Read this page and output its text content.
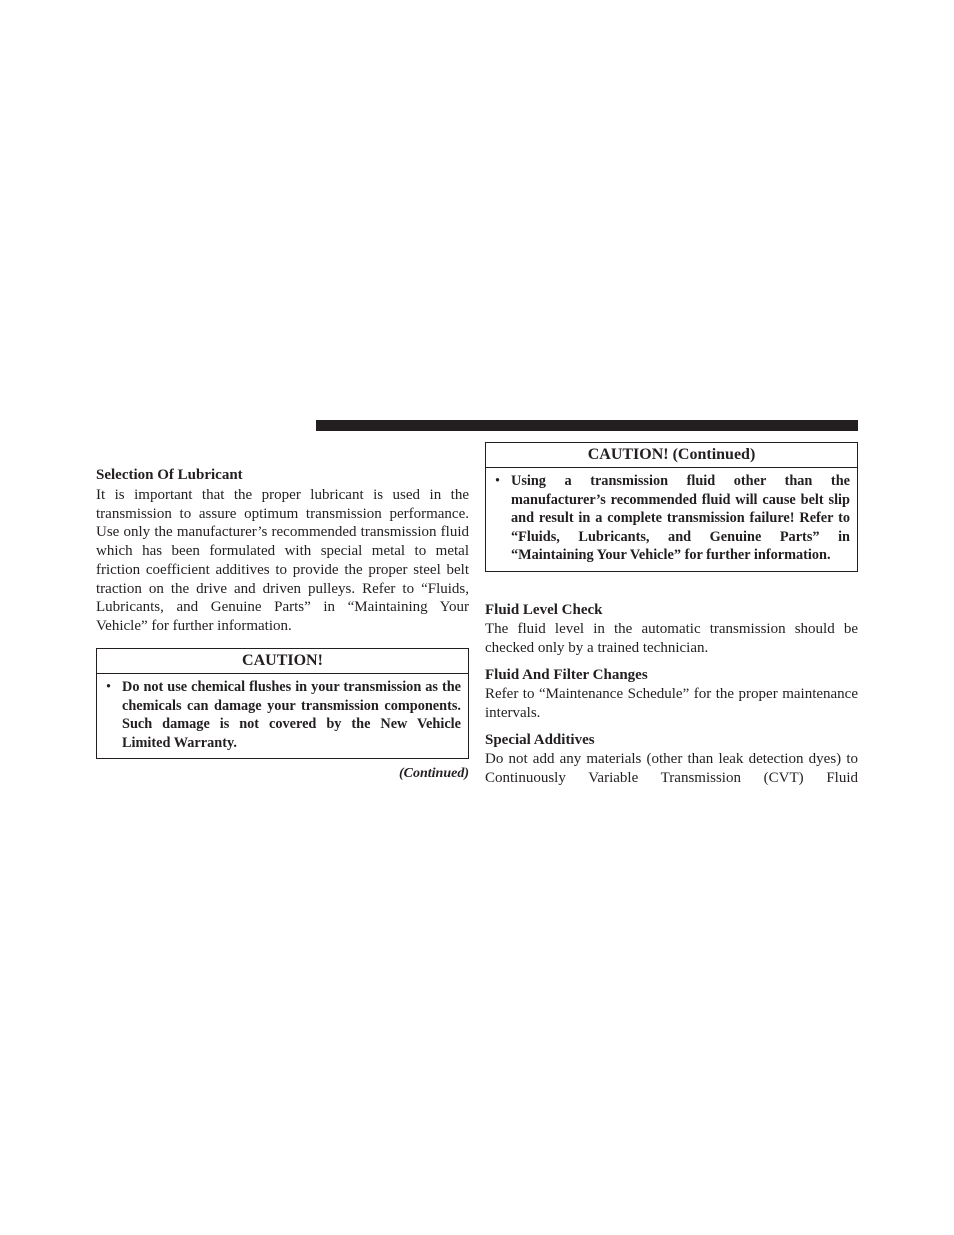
Selection Of Lubricant

It is important that the proper lubricant is used in the transmission to assure optimum transmission performance. Use only the manufacturer’s recommended transmission fluid which has been formulated with special metal to metal friction coefficient additives to provide the proper steel belt traction on the drive and driven pulleys. Refer to “Fluids, Lubricants, and Genuine Parts” in “Maintaining Your Vehicle” for further information.

CAUTION!
• Do not use chemical flushes in your transmission as the chemicals can damage your transmission components. Such damage is not covered by the New Vehicle Limited Warranty.
(Continued)
CAUTION! (Continued)
• Using a transmission fluid other than the manufacturer’s recommended fluid will cause belt slip and result in a complete transmission failure! Refer to “Fluids, Lubricants, and Genuine Parts” in “Maintaining Your Vehicle” for further information.
Fluid Level Check

The fluid level in the automatic transmission should be checked only by a trained technician.

Fluid And Filter Changes

Refer to “Maintenance Schedule” for the proper maintenance intervals.

Special Additives

Do not add any materials (other than leak detection dyes) to Continuously Variable Transmission (CVT) Fluid
